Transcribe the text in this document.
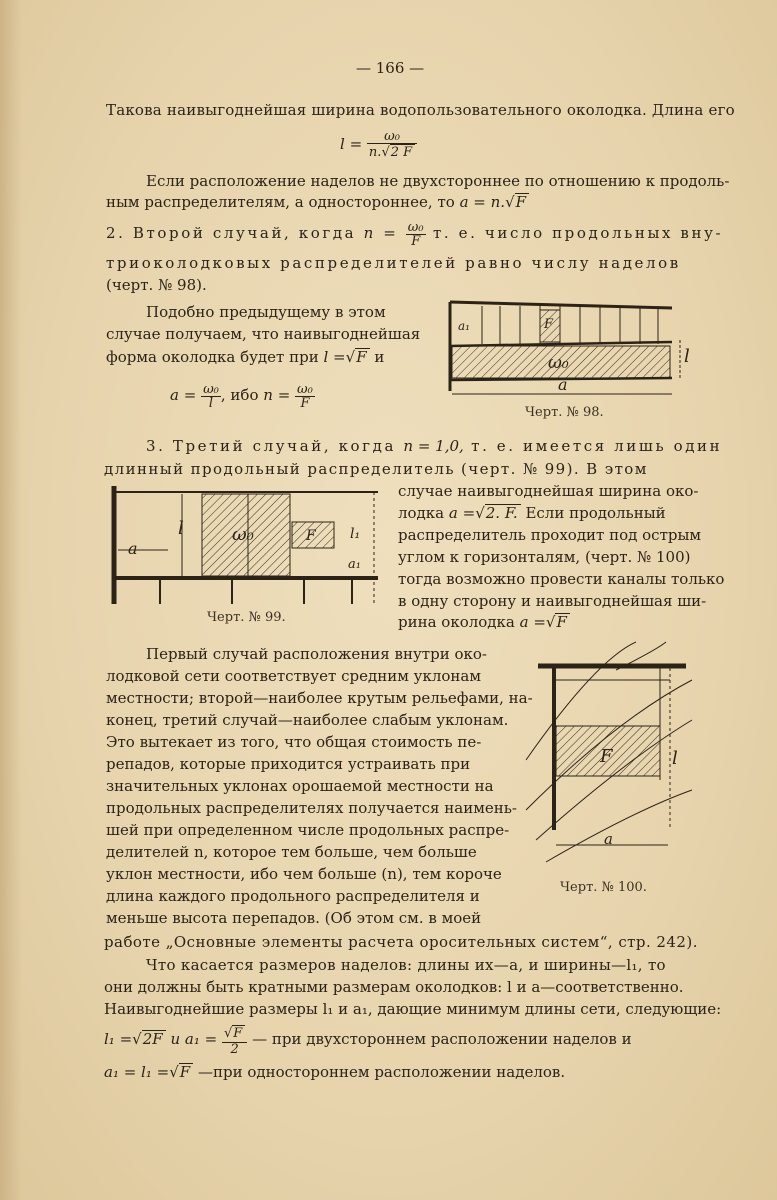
— 166 —
Такова наивыгоднейшая ширина водопользовательного околодка. Длина его
$l = \frac{\text{ω₀}}{n.√2 F}$
Если расположение наделов не двухстороннее по отношению к продоль-
ным распределителям, а одностороннее, то a = n.√F
2. Второй случай, когда $n = \frac{\text{ω₀}}{F} т$. е. число продольных вну-
триоколодковых распределителей равно числу наделов
(черт. № 98).
Подобно предыдущему в этом
случае получаем, что наивыгоднейшая
форма околодка будет при l =√F и
$a = \frac{\text{ω₀}}{l}$ , ибо $n = \frac{\text{ω₀}}{F}$
a₁	F
ω₀	l
a
Черт. № 98.
3. Третий случай, когда n = 1,0, т. е. имеется лишь один
длинный продольный распределитель (черт. № 99). В этом
a
l	ω₀	F l₁
a₁
Черт. № 99.
случае наивыгоднейшая ширина око-
лодка a =√2. F. Если продольный
распределитель проходит под острым
углом к горизонталям, (черт. № 100)
тогда возможно провести каналы только
в одну сторону и наивыгоднейшая ши-
рина околодка a =√F
Первый случай расположения внутри око-
лодковой сети соответствует средним уклонам
местности; второй—наиболее крутым рельефами, на-
конец, третий случай—наиболее слабым уклонам.
Это вытекает из того, что общая стоимость пе-
репадов, которые приходится устраивать при
значительных уклонах орошаемой местности на
продольных распределителях получается наимень-
шей при определенном числе продольных распре-
делителей n, которое тем больше, чем больше
уклон местности, ибо чем больше (n), тем короче
длина каждого продольного распределителя и
меньше высота перепадов. (Об этом см. в моей
F	l
a
Черт. № 100.
работе „Основные элементы расчета оросительных систем“, стр. 242).
Что касается размеров наделов: длины их—a, и ширины—l₁, то
они должны быть кратными размерам околодков: l и a—соответственно.
Наивыгоднейшие размеры l₁ и a₁, дающие минимум длины сети, следующие:
l₁ =√2F и $a_1 = \frac{√F}{2}$ — при двухстороннем расположении наделов и
a₁ = l₁ =√F —при одностороннем расположении наделов.
